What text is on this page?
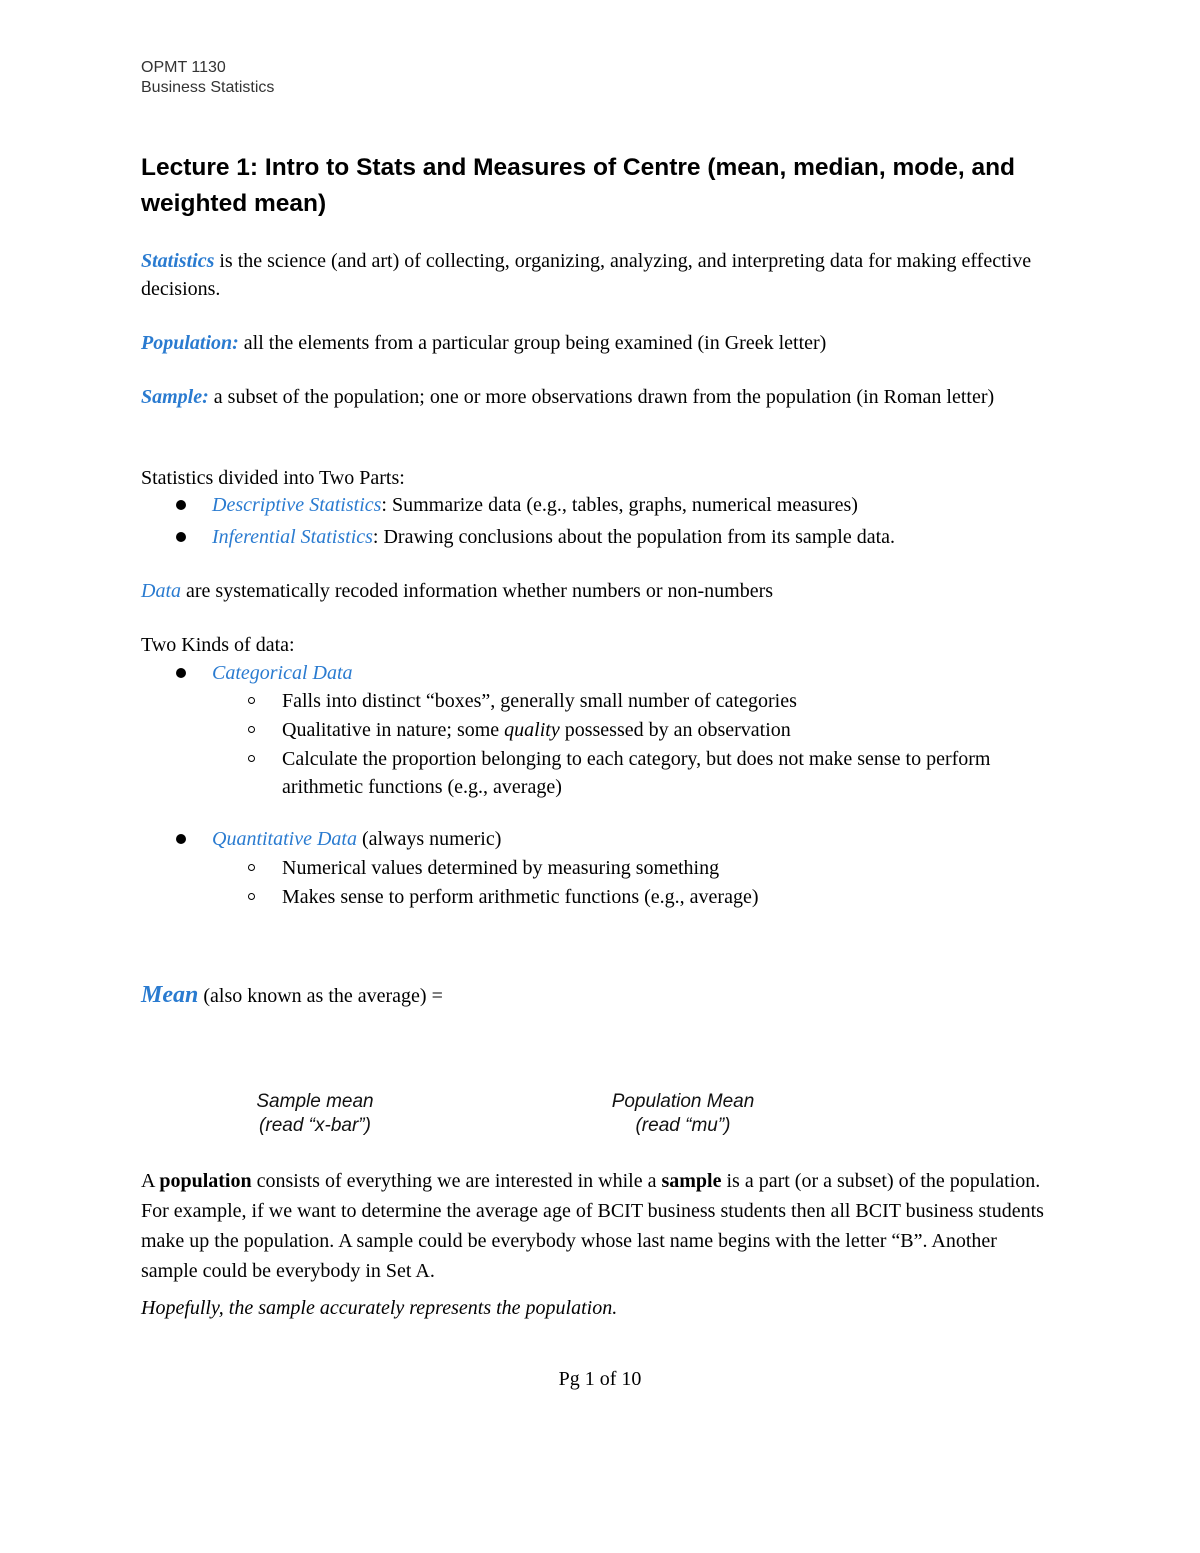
OPMT 1130
Business Statistics
Lecture 1: Intro to Stats and Measures of Centre (mean, median, mode, and weighted mean)

Statistics is the science (and art) of collecting, organizing, analyzing, and interpreting data for making effective decisions.

Population: all the elements from a particular group being examined (in Greek letter)

Sample: a subset of the population; one or more observations drawn from the population (in Roman letter)

Statistics divided into Two Parts:

Descriptive Statistics: Summarize data (e.g., tables, graphs, numerical measures)
Inferential Statistics: Drawing conclusions about the population from its sample data.

Data are systematically recoded information whether numbers or non-numbers

Two Kinds of data:

Categorical Data
Falls into distinct “boxes”, generally small number of categories
Qualitative in nature; some quality possessed by an observation
Calculate the proportion belonging to each category, but does not make sense to perform arithmetic functions (e.g., average)
Quantitative Data (always numeric)
Numerical values determined by measuring something
Makes sense to perform arithmetic functions (e.g., average)

Mean (also known as the average) =

Sample mean
(read “x-bar”)
Population Mean
(read “mu”)

A population consists of everything we are interested in while a sample is a part (or a subset) of the population. For example, if we want to determine the average age of BCIT business students then all BCIT business students make up the population. A sample could be everybody whose last name begins with the letter “B”. Another sample could be everybody in Set A.

Hopefully, the sample accurately represents the population.

Pg 1 of 10
